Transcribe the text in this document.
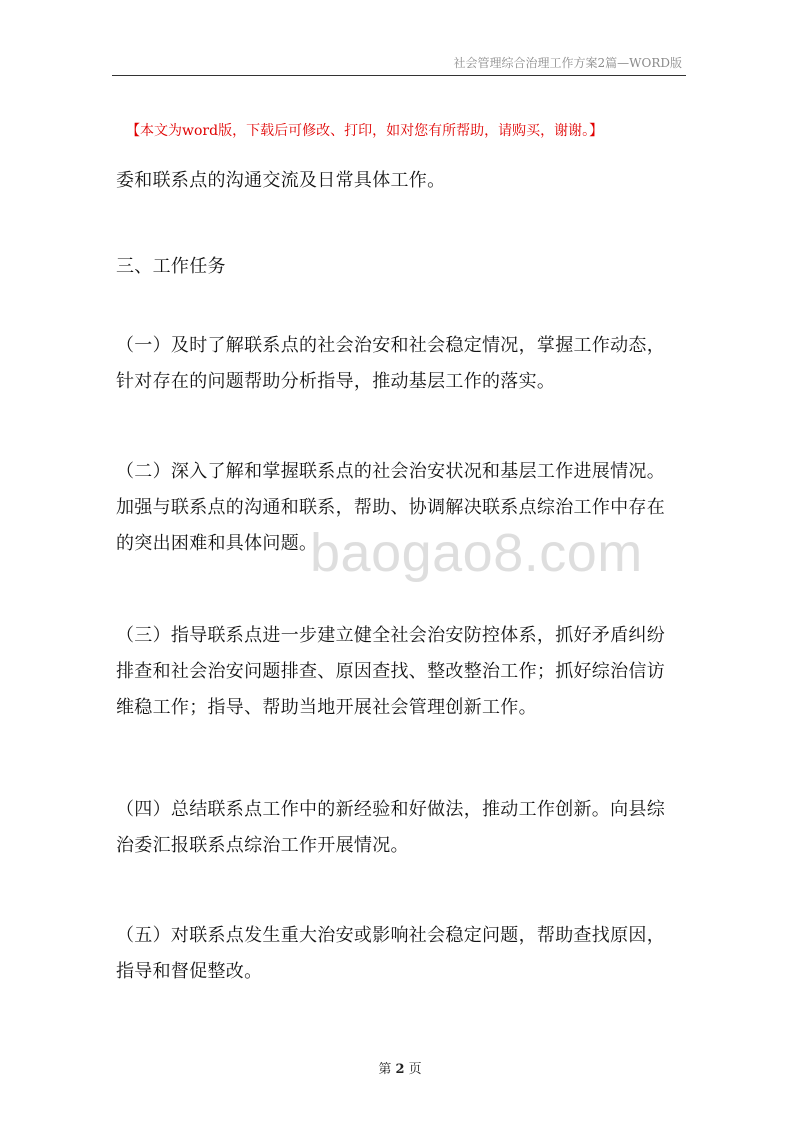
社会管理综合治理工作方案2篇—WORD版
【本文为word版，下载后可修改、打印，如对您有所帮助，请购买，谢谢。】

委和联系点的沟通交流及日常具体工作。

三、工作任务

（一）及时了解联系点的社会治安和社会稳定情况，掌握工作动态，
针对存在的问题帮助分析指导，推动基层工作的落实。

（二）深入了解和掌握联系点的社会治安状况和基层工作进展情况。
加强与联系点的沟通和联系，帮助、协调解决联系点综治工作中存在
的突出困难和具体问题。

（三）指导联系点进一步建立健全社会治安防控体系，抓好矛盾纠纷
排查和社会治安问题排查、原因查找、整改整治工作；抓好综治信访
维稳工作；指导、帮助当地开展社会管理创新工作。

（四）总结联系点工作中的新经验和好做法，推动工作创新。向县综
治委汇报联系点综治工作开展情况。

（五）对联系点发生重大治安或影响社会稳定问题，帮助查找原因，
指导和督促整改。

baogao8.com
第 2 页
